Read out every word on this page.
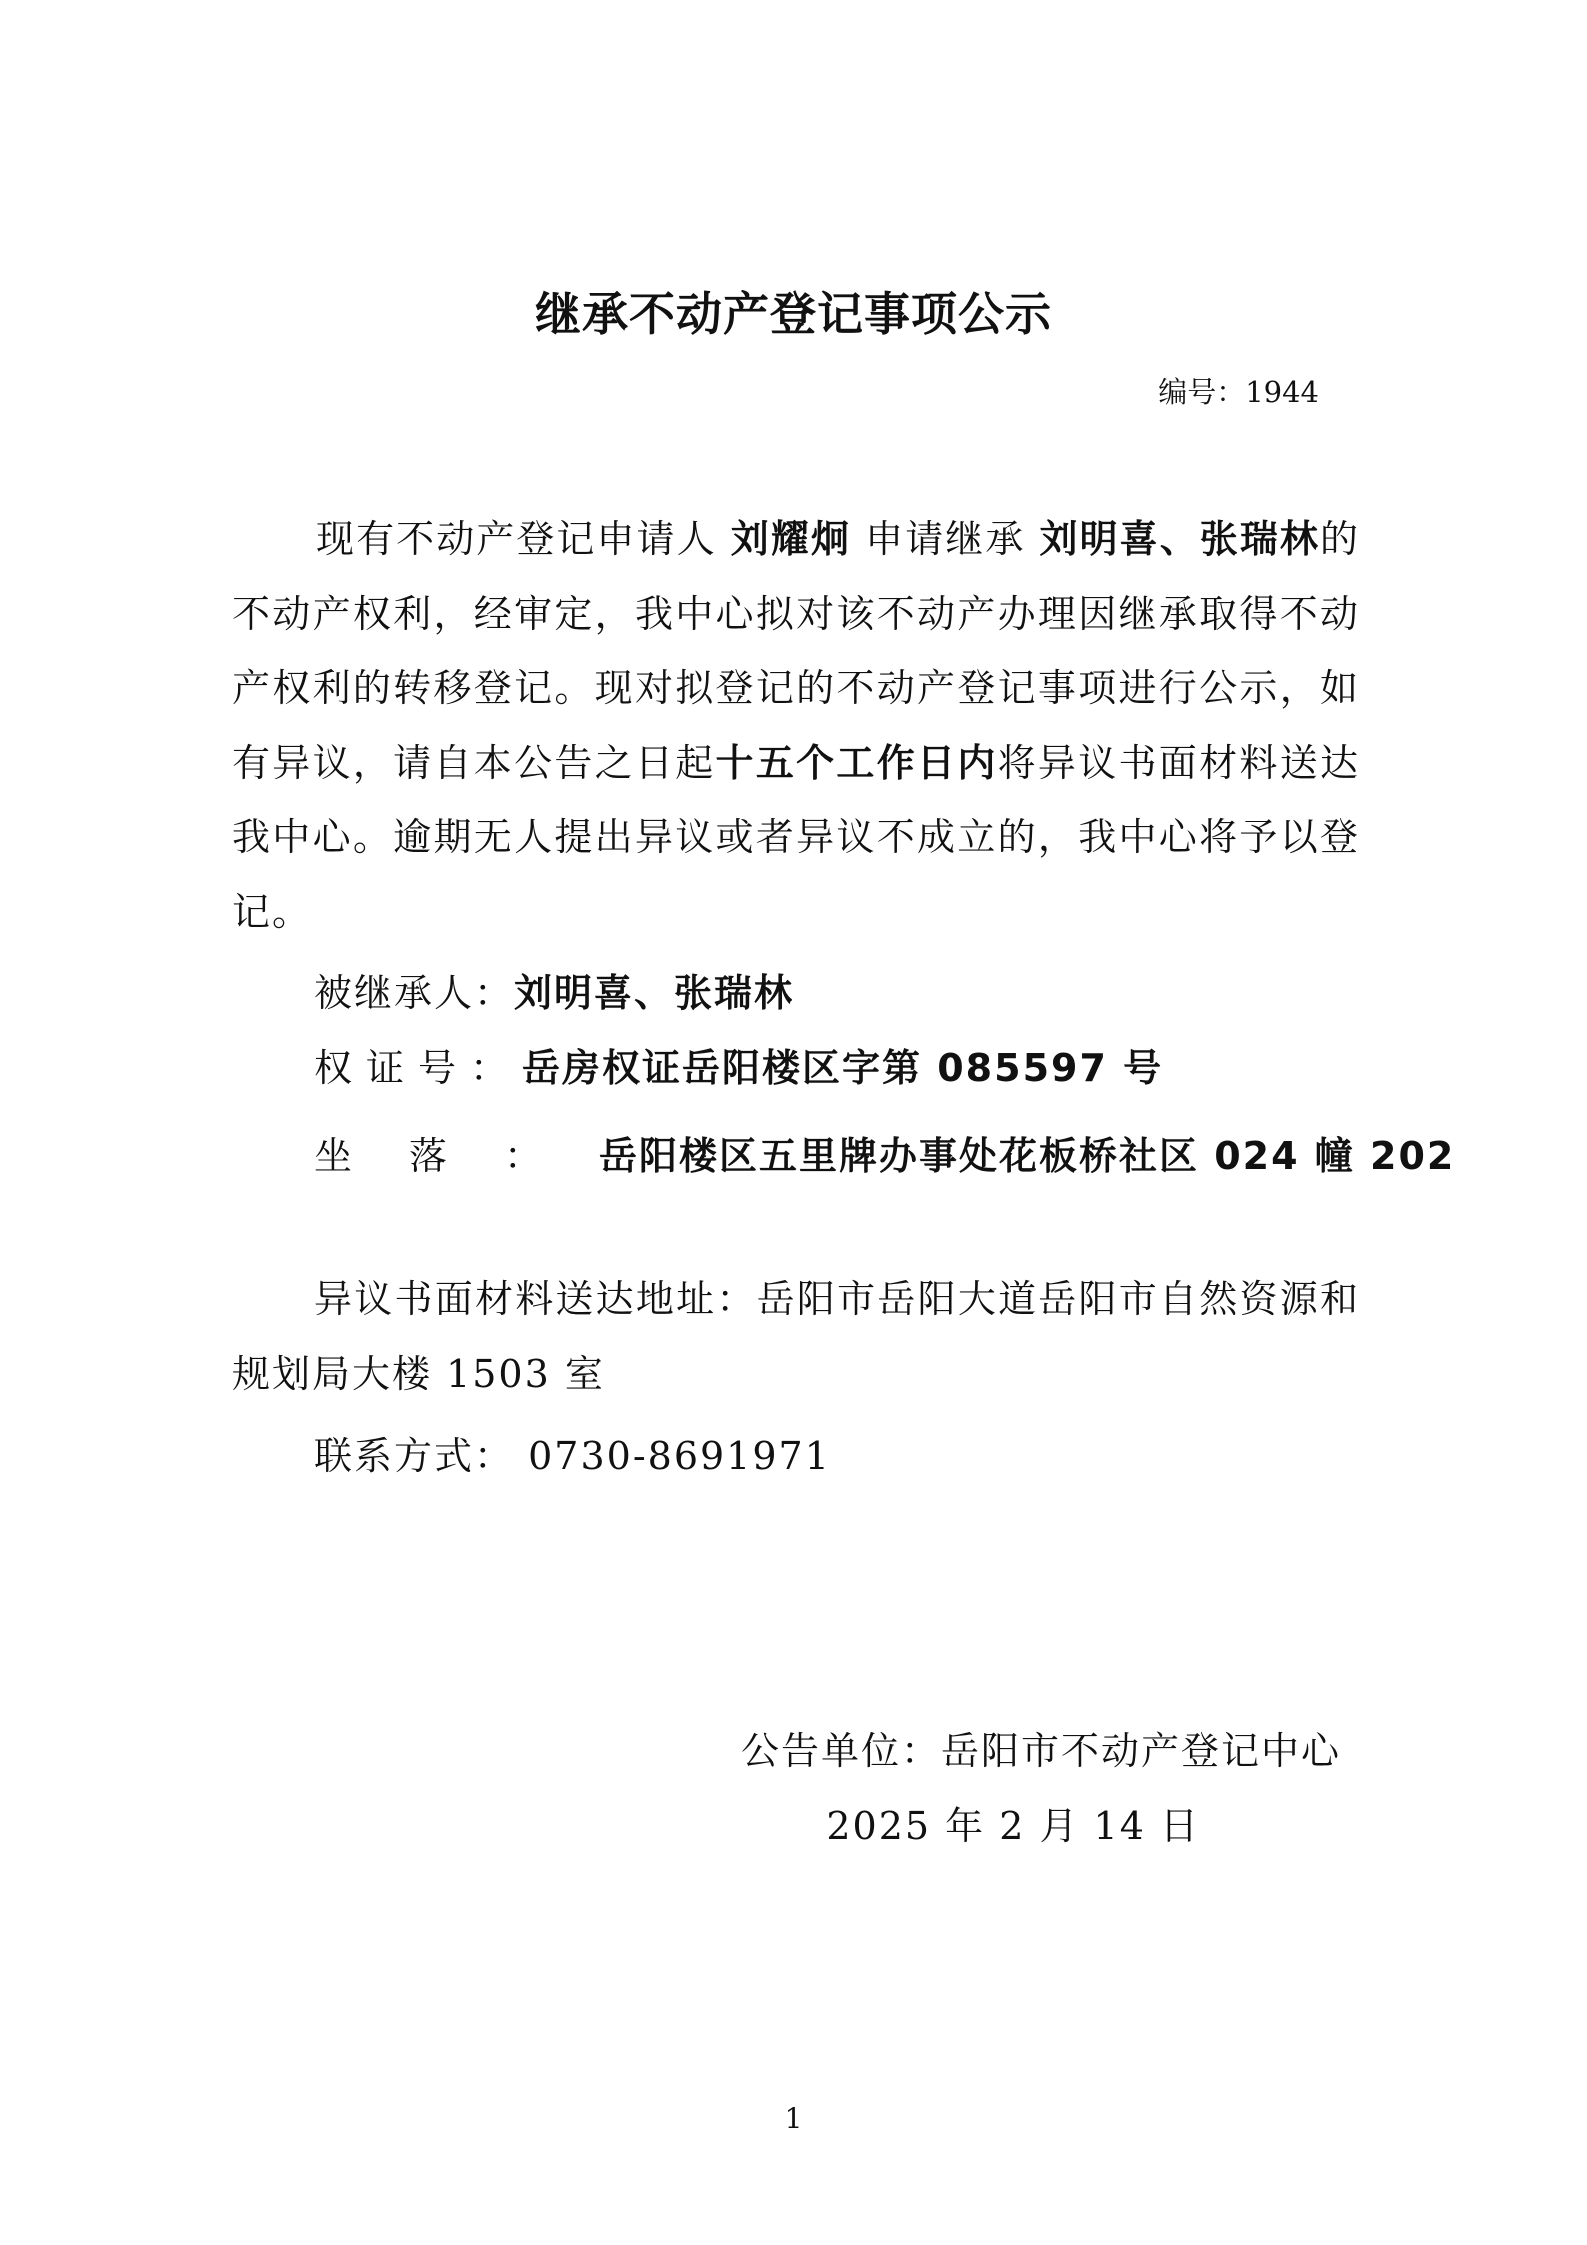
继承不动产登记事项公示
编号：1944
现有不动产登记申请人 刘耀炯 申请继承 刘明喜、张瑞林的不动产权利，经审定，我中心拟对该不动产办理因继承取得不动产权利的转移登记。现对拟登记的不动产登记事项进行公示，如有异议，请自本公告之日起十五个工作日内将异议书面材料送达我中心。逾期无人提出异议或者异议不成立的，我中心将予以登记。
被继承人：刘明喜、张瑞林
权证号：岳房权证岳阳楼区字第 085597 号
坐落：岳阳楼区五里牌办事处花板桥社区 024 幢 202
异议书面材料送达地址：岳阳市岳阳大道岳阳市自然资源和规划局大楼 1503 室
联系方式： 0730-8691971
公告单位：岳阳市不动产登记中心
2025 年 2 月 14 日
1
